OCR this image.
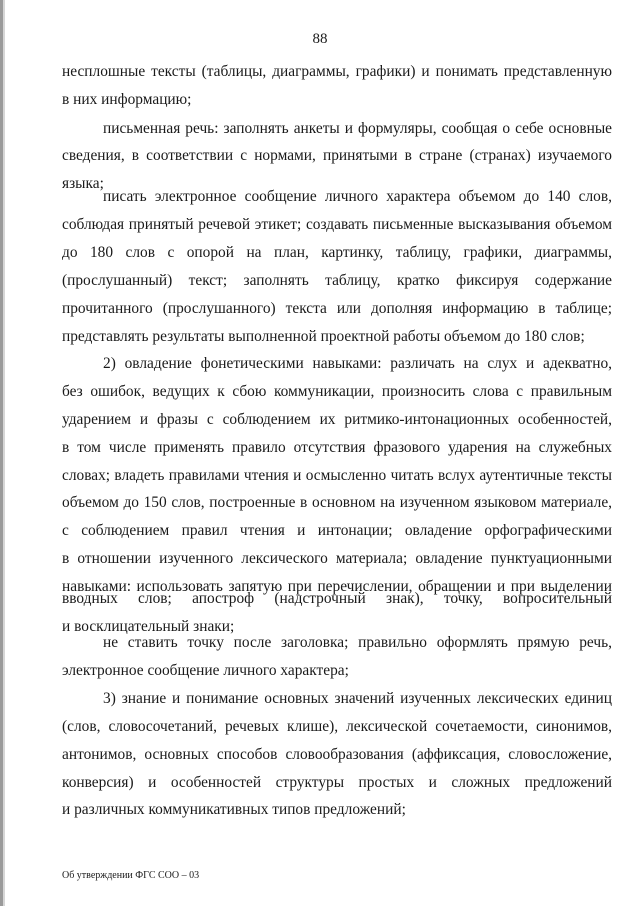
88
несплошные тексты (таблицы, диаграммы, графики) и понимать представленную
в них информацию;
письменная речь: заполнять анкеты и формуляры, сообщая о себе основные
сведения, в соответствии с нормами, принятыми в стране (странах) изучаемого
языка;
писать электронное сообщение личного характера объемом до 140 слов,
соблюдая принятый речевой этикет; создавать письменные высказывания объемом
до 180 слов с опорой на план, картинку, таблицу, графики, диаграммы,
(прослушанный) текст; заполнять таблицу, кратко фиксируя содержание
прочитанного (прослушанного) текста или дополняя информацию в таблице;
представлять результаты выполненной проектной работы объемом до 180 слов;
2) овладение фонетическими навыками: различать на слух и адекватно,
без ошибок, ведущих к сбою коммуникации, произносить слова с правильным
ударением и фразы с соблюдением их ритмико-интонационных особенностей,
в том числе применять правило отсутствия фразового ударения на служебных
словах; владеть правилами чтения и осмысленно читать вслух аутентичные тексты
объемом до 150 слов, построенные в основном на изученном языковом материале,
с соблюдением правил чтения и интонации; овладение орфографическими
в отношении изученного лексического материала; овладение пунктуационными
навыками: использовать запятую при перечислении, обращении и при выделении
вводных слов; апостроф (надстрочный знак), точку, вопросительный
и восклицательный знаки;
не ставить точку после заголовка; правильно оформлять прямую речь,
электронное сообщение личного характера;
3) знание и понимание основных значений изученных лексических единиц
(слов, словосочетаний, речевых клише), лексической сочетаемости, синонимов,
антонимов, основных способов словообразования (аффиксация, словосложение,
конверсия) и особенностей структуры простых и сложных предложений
и различных коммуникативных типов предложений;
Об утверждении ФГС СОО – 03
